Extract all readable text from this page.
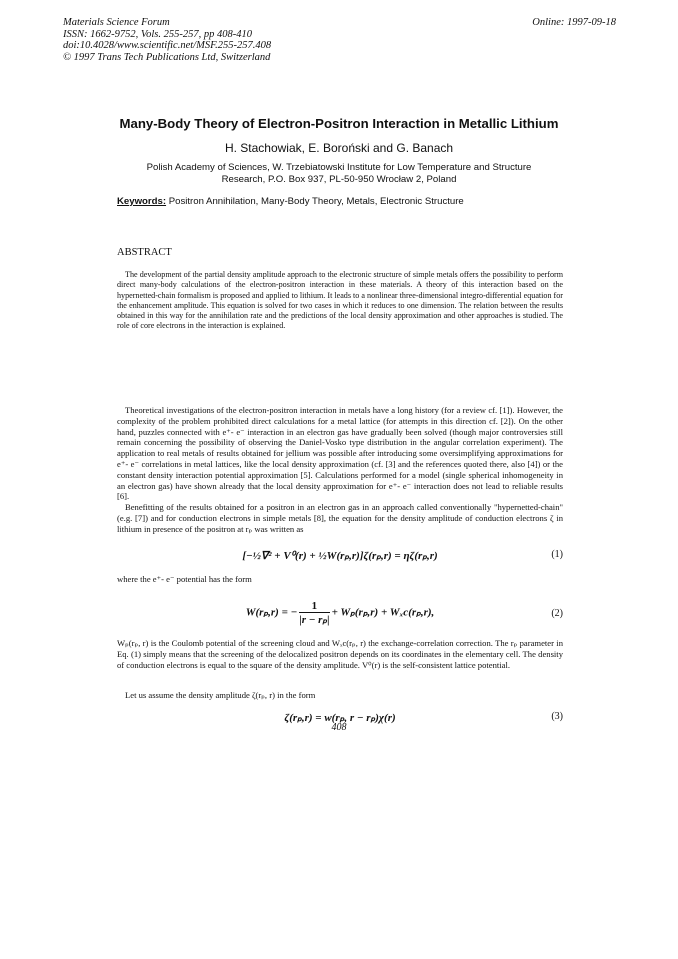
Materials Science Forum
ISSN: 1662-9752, Vols. 255-257, pp 408-410
doi:10.4028/www.scientific.net/MSF.255-257.408
© 1997 Trans Tech Publications Ltd, Switzerland
Online: 1997-09-18
Many-Body Theory of Electron-Positron Interaction in Metallic Lithium
H. Stachowiak, E. Boroński and G. Banach
Polish Academy of Sciences, W. Trzebiatowski Institute for Low Temperature and Structure
Research, P.O. Box 937, PL-50-950 Wrocław 2, Poland
Keywords: Positron Annihilation, Many-Body Theory, Metals, Electronic Structure
ABSTRACT
The development of the partial density amplitude approach to the electronic structure of simple metals offers the possibility to perform direct many-body calculations of the electron-positron interaction in these materials. A theory of this interaction based on the hypernetted-chain formalism is proposed and applied to lithium. It leads to a nonlinear three-dimensional integro-differential equation for the enhancement amplitude. This equation is solved for two cases in which it reduces to one dimension. The relation between the results obtained in this way for the annihilation rate and the predictions of the local density approximation and other approaches is studied. The role of core electrons in the interaction is explained.
Theoretical investigations of the electron-positron interaction in metals have a long history (for a review cf. [1]). However, the complexity of the problem prohibited direct calculations for a metal lattice (for attempts in this direction cf. [2]). On the other hand, puzzles connected with e⁺- e⁻ interaction in an electron gas have gradually been solved (though major controversies still remain concerning the possibility of observing the Daniel-Vosko type distribution in the angular correlation experiment). The application to real metals of results obtained for jellium was possible after introducing some oversimplifying approximations for e⁺- e⁻ correlations in metal lattices, like the local density approximation (cf. [3] and the references quoted there, also [4]) or the constant density interaction potential approximation [5]. Calculations performed for a model (single spherical inhomogeneity in an electron gas) have shown already that the local density approximation for e⁺- e⁻ interaction does not lead to reliable results [6].
Benefitting of the results obtained for a positron in an electron gas in an approach called conventionally "hypernetted-chain" (e.g. [7]) and for conduction electrons in simple metals [8], the equation for the density amplitude of conduction electrons ζ in lithium in presence of the positron at rₚ was written as
[−½∇² + V⁰(r) + ½W(rₚ,r)]ζ(rₚ,r) = ηζ(rₚ,r)	(1)
where the e⁺- e⁻ potential has the form
W(rₚ,r) = − $\frac{1}{\text{|r − rₚ|}} + W_p(r_p,r) + W_xc(r_p,r)$,	(2)
Wₚ(rₚ, r) is the Coulomb potential of the screening cloud and Wₓc(rₚ, r) the exchange-correlation correction. The rₚ parameter in Eq. (1) simply means that the screening of the delocalized positron depends on its coordinates in the elementary cell. The density of conduction electrons is equal to the square of the density amplitude. V⁰(r) is the self-consistent lattice potential.
Let us assume the density amplitude ζ(rₚ, r) in the form
ζ(rₚ,r) = w(rₚ, r − rₚ)χ(r)	(3)
408
